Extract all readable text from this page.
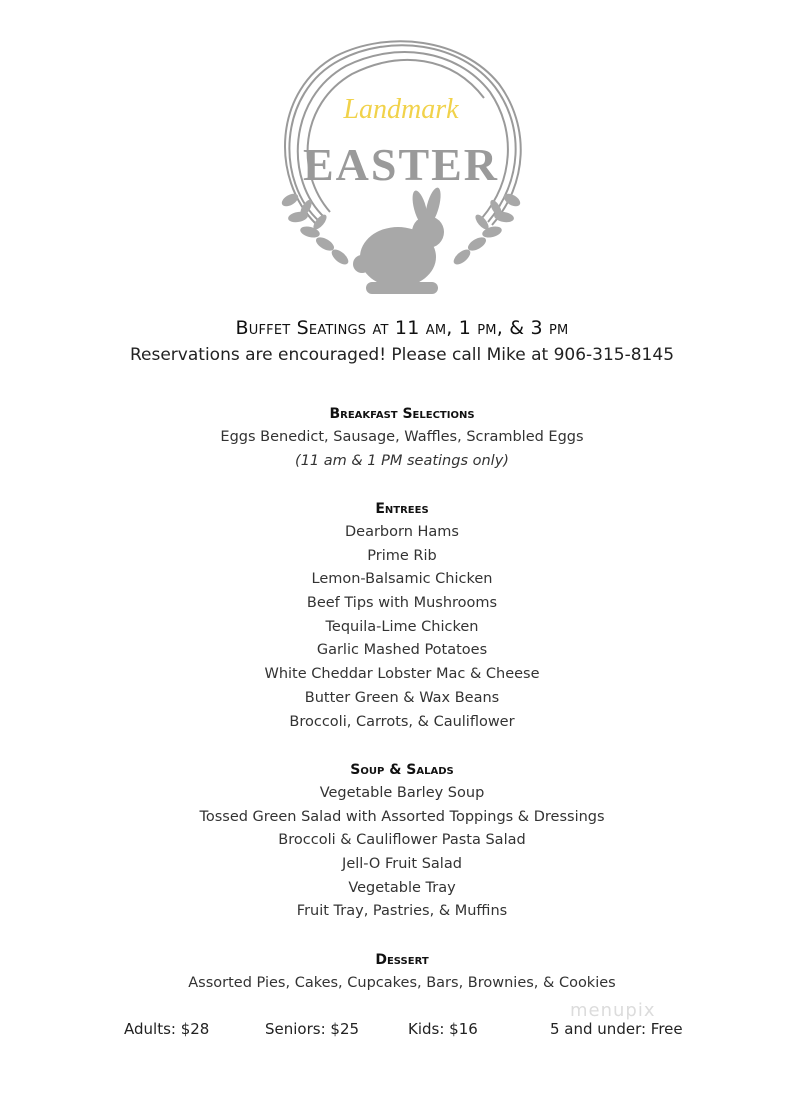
Landmark
EASTER
Buffet Seatings at 11 am, 1 pm, & 3 pm
Reservations are encouraged! Please call Mike at 906-315-8145
Breakfast Selections
Eggs Benedict, Sausage, Waffles, Scrambled Eggs
(11 am & 1 PM seatings only)
Entrees
Dearborn Hams
Prime Rib
Lemon-Balsamic Chicken
Beef Tips with Mushrooms
Tequila-Lime Chicken
Garlic Mashed Potatoes
White Cheddar Lobster Mac & Cheese
Butter Green & Wax Beans
Broccoli, Carrots, & Cauliflower
Soup & Salads
Vegetable Barley Soup
Tossed Green Salad with Assorted Toppings & Dressings
Broccoli & Cauliflower Pasta Salad
Jell-O Fruit Salad
Vegetable Tray
Fruit Tray, Pastries, & Muffins
Dessert
Assorted Pies, Cakes, Cupcakes, Bars, Brownies, & Cookies
menupix
Adults: $28	Seniors: $25	Kids: $16	5 and under: Free
